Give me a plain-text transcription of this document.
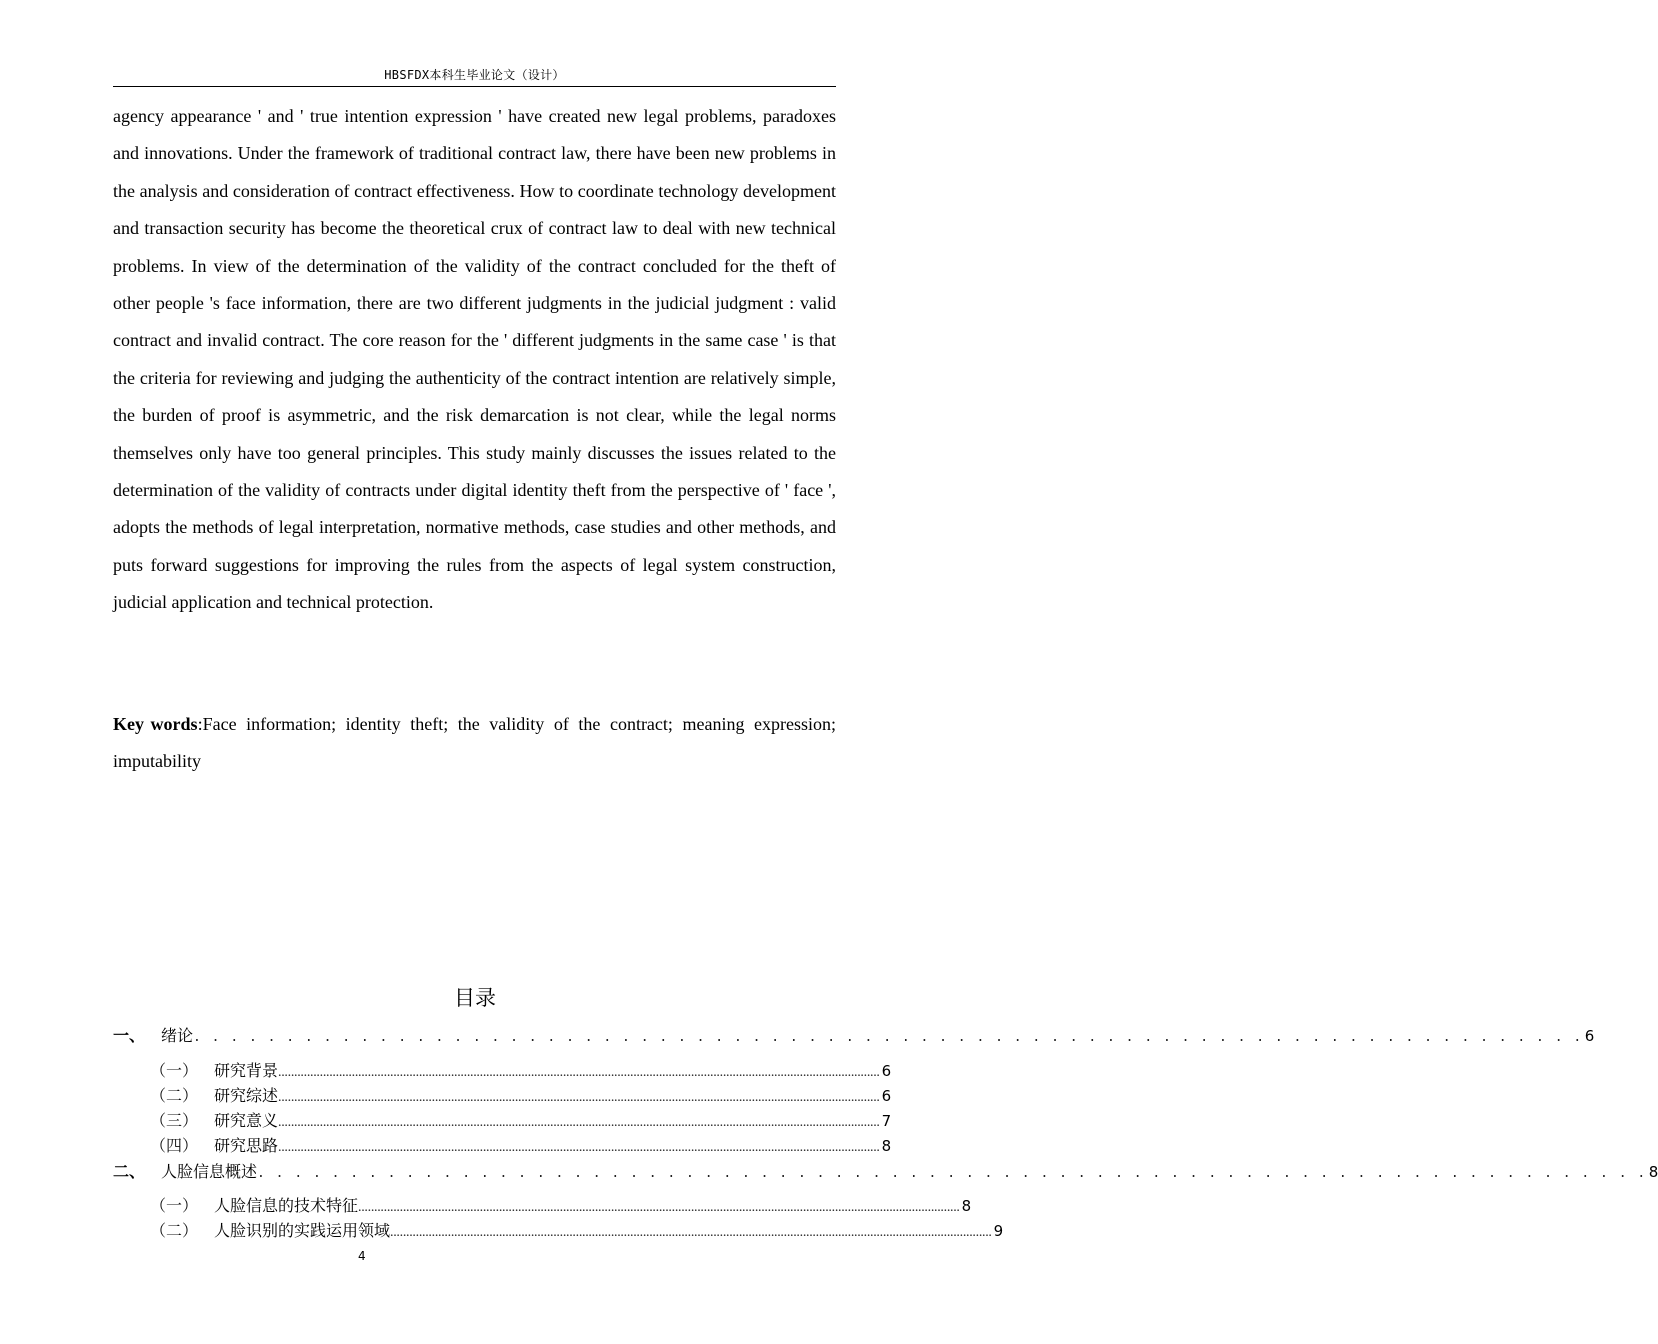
HBSFDX本科生毕业论文（设计）

agency appearance ' and ' true intention expression ' have created new legal problems, paradoxes and innovations. Under the framework of traditional contract law, there have been new problems in the analysis and consideration of contract effectiveness. How to coordinate technology development and transaction security has become the theoretical crux of contract law to deal with new technical problems. In view of the determination of the validity of the contract concluded for the theft of other people 's face information, there are two different judgments in the judicial judgment : valid contract and invalid contract. The core reason for the ' different judgments in the same case ' is that the criteria for reviewing and judging the authenticity of the contract intention are relatively simple, the burden of proof is asymmetric, and the risk demarcation is not clear, while the legal norms themselves only have too general principles. This study mainly discusses the issues related to the determination of the validity of contracts under digital identity theft from the perspective of ' face ', adopts the methods of legal interpretation, normative methods, case studies and other methods, and puts forward suggestions for improving the rules from the aspects of legal system construction, judicial application and technical protection.

Key words:Face information; identity theft; the validity of the contract; meaning expression; imputability

目录
一、 绪论 . . . . . . . . . . . . . . . . . . . . . . . . . . . . . . . . . . . . . . . . . . . . . . . . . . . . . . . . . . . . . . . . . . . . . . . . . . . 6
（一） 研究背景 ............................................................................................................................................................................................ 6
（二） 研究综述 ............................................................................................................................................................................................ 6
（三） 研究意义 ............................................................................................................................................................................................ 7
（四） 研究思路 ............................................................................................................................................................................................ 8
二、 人脸信息概述 . . . . . . . . . . . . . . . . . . . . . . . . . . . . . . . . . . . . . . . . . . . . . . . . . . . . . . . . . . . . . . . . . . . . . . . . . . . 8
（一） 人脸信息的技术特征 ............................................................................................................................................................................................ 8
（二） 人脸识别的实践运用领域 ............................................................................................................................................................................................ 9
4
